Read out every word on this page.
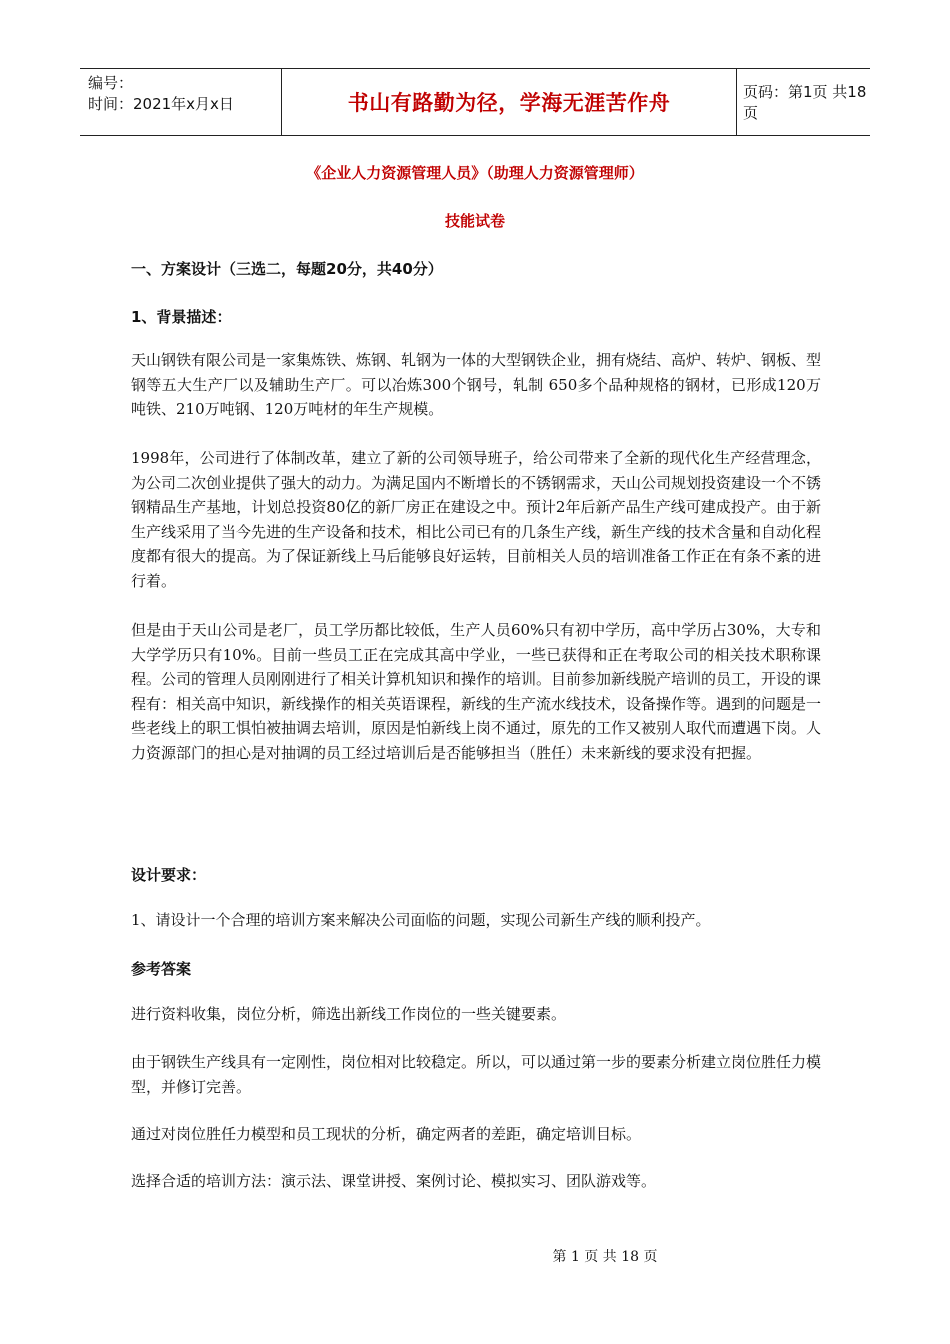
编号：
时间：2021年x月x日	书山有路勤为径，学海无涯苦作舟	页码：第1页 共18页
《企业人力资源管理人员》（助理人力资源管理师）
技能试卷
一、方案设计（三选二，每题20分，共40分）
1、背景描述：

天山钢铁有限公司是一家集炼铁、炼钢、轧钢为一体的大型钢铁企业，拥有烧结、高炉、转炉、钢板、型钢等五大生产厂以及辅助生产厂。可以冶炼300个钢号，轧制 650多个品种规格的钢材，已形成120万吨铁、210万吨钢、120万吨材的年生产规模。

1998年，公司进行了体制改革，建立了新的公司领导班子，给公司带来了全新的现代化生产经营理念，为公司二次创业提供了强大的动力。为满足国内不断增长的不锈钢需求，天山公司规划投资建设一个不锈钢精品生产基地，计划总投资80亿的新厂房正在建设之中。预计2年后新产品生产线可建成投产。由于新生产线采用了当今先进的生产设备和技术，相比公司已有的几条生产线，新生产线的技术含量和自动化程度都有很大的提高。为了保证新线上马后能够良好运转，目前相关人员的培训准备工作正在有条不紊的进行着。

但是由于天山公司是老厂，员工学历都比较低，生产人员60%只有初中学历，高中学历占30%，大专和大学学历只有10%。目前一些员工正在完成其高中学业，一些已获得和正在考取公司的相关技术职称课程。公司的管理人员刚刚进行了相关计算机知识和操作的培训。目前参加新线脱产培训的员工，开设的课程有：相关高中知识，新线操作的相关英语课程，新线的生产流水线技术，设备操作等。遇到的问题是一些老线上的职工惧怕被抽调去培训，原因是怕新线上岗不通过，原先的工作又被别人取代而遭遇下岗。人力资源部门的担心是对抽调的员工经过培训后是否能够担当（胜任）未来新线的要求没有把握。

设计要求：

1、请设计一个合理的培训方案来解决公司面临的问题，实现公司新生产线的顺利投产。

参考答案

进行资料收集，岗位分析，筛选出新线工作岗位的一些关键要素。

由于钢铁生产线具有一定刚性，岗位相对比较稳定。所以，可以通过第一步的要素分析建立岗位胜任力模型，并修订完善。

通过对岗位胜任力模型和员工现状的分析，确定两者的差距，确定培训目标。

选择合适的培训方法：演示法、课堂讲授、案例讨论、模拟实习、团队游戏等。

第 1 页 共 18 页
